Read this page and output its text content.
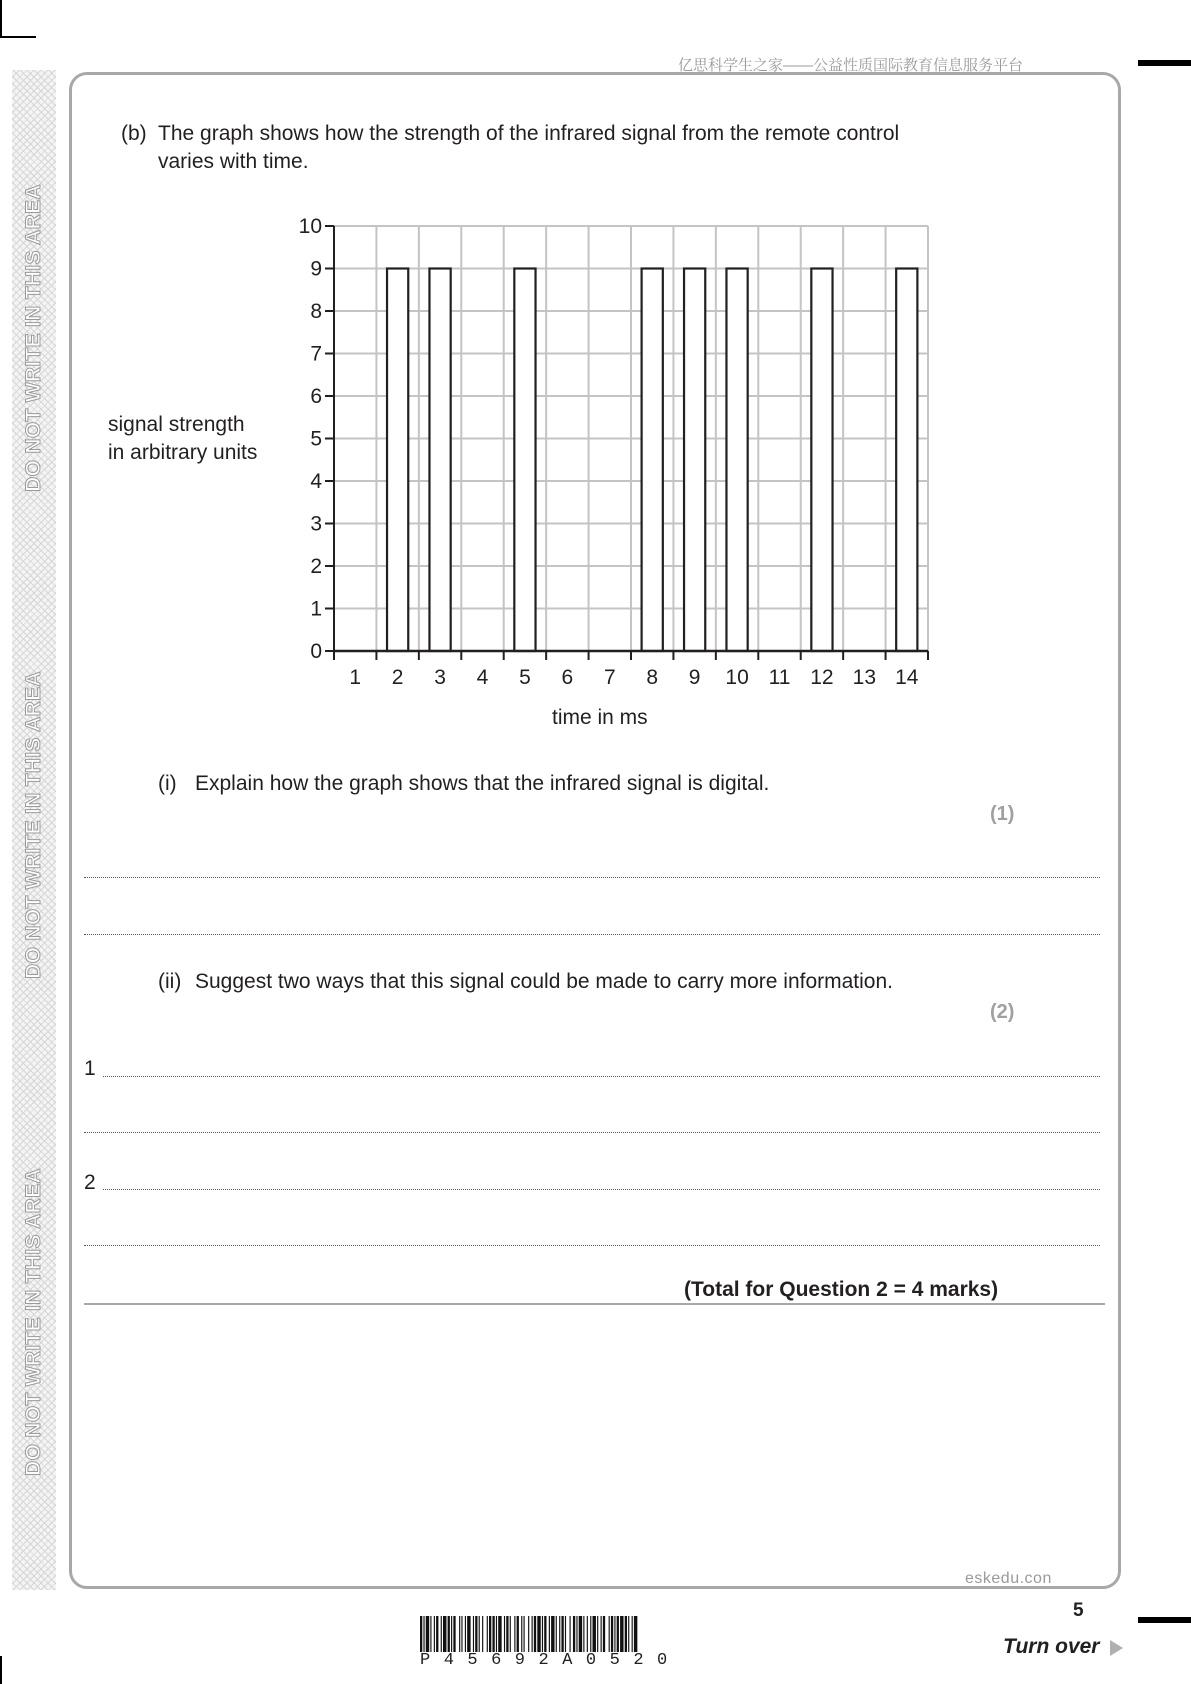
DO NOT WRITE IN THIS AREA
DO NOT WRITE IN THIS AREA
DO NOT WRITE IN THIS AREA
亿思科学生之家——公益性质国际教育信息服务平台
(b) The graph shows how the strength of the infrared signal from the remote control
varies with time.
signal strength
in arbitrary units
0
1
2
3
4
5
6
7
8
9
10
1 2 3 4 5 6 7 8 9 10 11 12 13 14
time in ms
(i) Explain how the graph shows that the infrared signal is digital.
(1)
(ii) Suggest two ways that this signal could be made to carry more information.
(2)
1
2
(Total for Question 2 = 4 marks)
eskedu.con
5
P45692A0520
Turn over
